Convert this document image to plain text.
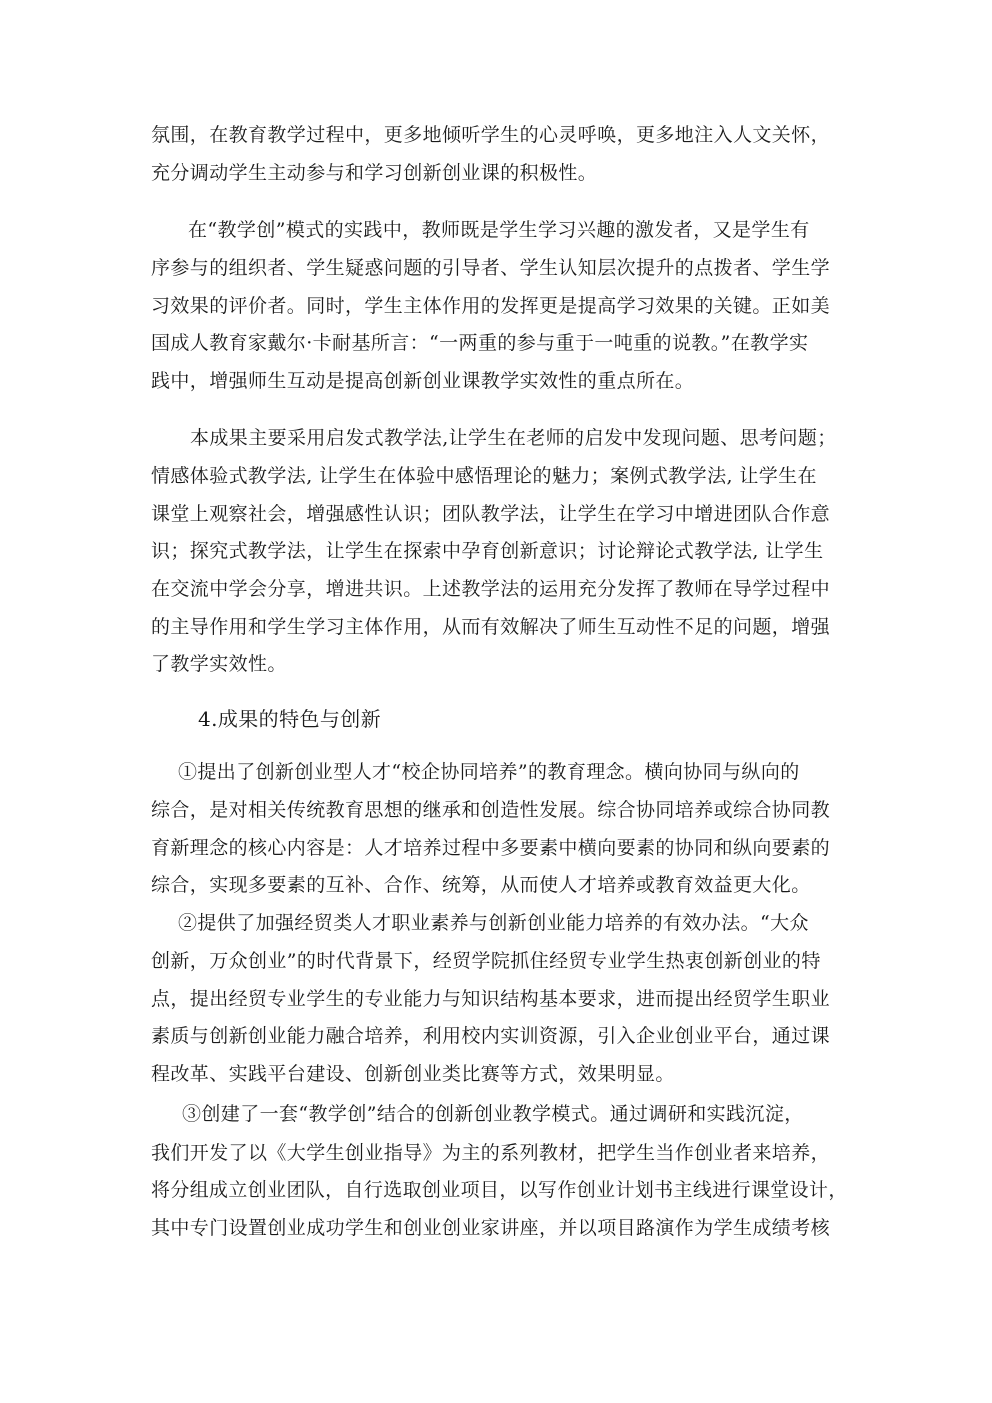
氛围，在教育教学过程中，更多地倾听学生的心灵呼唤，更多地注入人文关怀，
充分调动学生主动参与和学习创新创业课的积极性。
在“教学创”模式的实践中，教师既是学生学习兴趣的激发者，又是学生有
序参与的组织者、学生疑惑问题的引导者、学生认知层次提升的点拨者、学生学
习效果的评价者。同时，学生主体作用的发挥更是提高学习效果的关键。正如美
国成人教育家戴尔·卡耐基所言：“一两重的参与重于一吨重的说教。”在教学实
践中，增强师生互动是提高创新创业课教学实效性的重点所在。
本成果主要采用启发式教学法,让学生在老师的启发中发现问题、思考问题；
情感体验式教学法, 让学生在体验中感悟理论的魅力；案例式教学法, 让学生在
课堂上观察社会，增强感性认识；团队教学法，让学生在学习中增进团队合作意
识；探究式教学法，让学生在探索中孕育创新意识；讨论辩论式教学法, 让学生
在交流中学会分享，增进共识。上述教学法的运用充分发挥了教师在导学过程中
的主导作用和学生学习主体作用，从而有效解决了师生互动性不足的问题，增强
了教学实效性。
4.成果的特色与创新
①提出了创新创业型人才“校企协同培养”的教育理念。横向协同与纵向的
综合，是对相关传统教育思想的继承和创造性发展。综合协同培养或综合协同教
育新理念的核心内容是：人才培养过程中多要素中横向要素的协同和纵向要素的
综合，实现多要素的互补、合作、统筹，从而使人才培养或教育效益更大化。
②提供了加强经贸类人才职业素养与创新创业能力培养的有效办法。“大众
创新，万众创业”的时代背景下，经贸学院抓住经贸专业学生热衷创新创业的特
点，提出经贸专业学生的专业能力与知识结构基本要求，进而提出经贸学生职业
素质与创新创业能力融合培养，利用校内实训资源，引入企业创业平台，通过课
程改革、实践平台建设、创新创业类比赛等方式，效果明显。
③创建了一套“教学创”结合的创新创业教学模式。通过调研和实践沉淀，
我们开发了以《大学生创业指导》为主的系列教材，把学生当作创业者来培养，
将分组成立创业团队，自行选取创业项目，以写作创业计划书主线进行课堂设计，
其中专门设置创业成功学生和创业创业家讲座，并以项目路演作为学生成绩考核
